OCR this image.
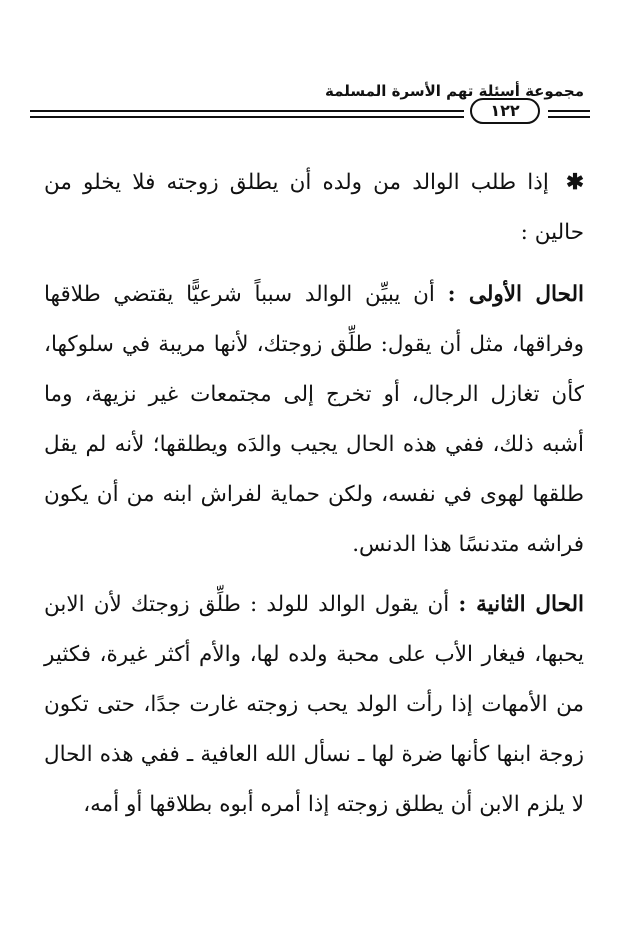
مجموعة أسئلة تهم الأسرة المسلمة
١٢٢

✱ إذا طلب الوالد من ولده أن يطلق زوجته فلا يخلو من حالين :

الحال الأولى : أن يبيِّن الوالد سبباً شرعيًّا يقتضي طلاقها وفراقها، مثل أن يقول: طلِّق زوجتك، لأنها مريبة في سلوكها، كأن تغازل الرجال، أو تخرج إلى مجتمعات غير نزيهة، وما أشبه ذلك، ففي هذه الحال يجيب والدَه ويطلقها؛ لأنه لم يقل طلقها لهوى في نفسه، ولكن حماية لفراش ابنه من أن يكون فراشه متدنسًا هذا الدنس.

الحال الثانية : أن يقول الوالد للولد : طلِّق زوجتك لأن الابن يحبها، فيغار الأب على محبة ولده لها، والأم أكثر غيرة، فكثير من الأمهات إذا رأت الولد يحب زوجته غارت جدًا، حتى تكون زوجة ابنها كأنها ضرة لها ـ نسأل الله العافية ـ ففي هذه الحال لا يلزم الابن أن يطلق زوجته إذا أمره أبوه بطلاقها أو أمه،
